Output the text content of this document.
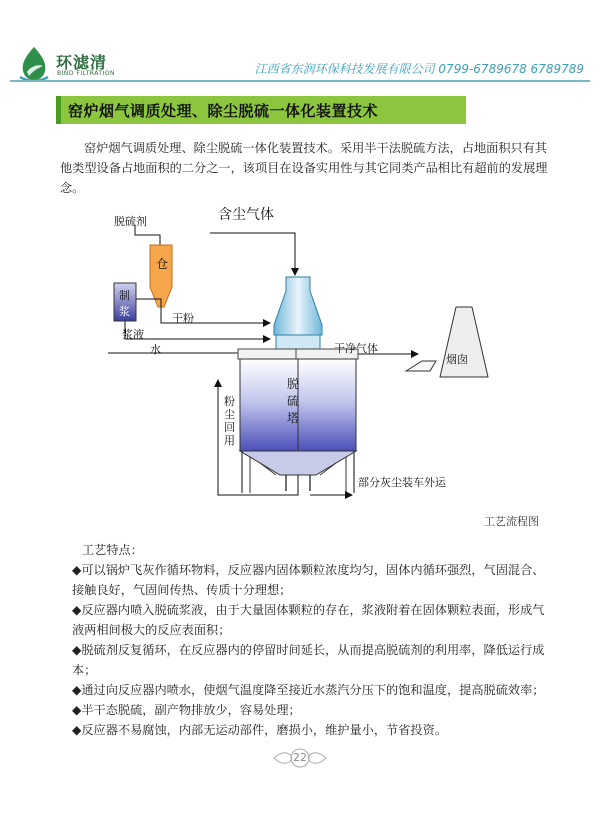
环滤清
BIND FILTRATION	江西省东润环保科技发展有限公司 0799-6789678 6789789
窑炉烟气调质处理、除尘脱硫一体化装置技术

窑炉烟气调质处理、除尘脱硫一体化装置技术。采用半干法脱硫方法，占地面积只有其他类型设备占地面积的二分之一，该项目在设备实用性与其它同类产品相比有超前的发展理念。

含尘气体
脱硫剂
仓
制
浆
干粉
浆液
水	干净气体
烟囱
脱
硫
塔
粉尘回用
部分灰尘装车外运
工艺流程图
工艺特点：
◆可以锅炉飞灰作循环物料，反应器内固体颗粒浓度均匀，固体内循环强烈，气固混合、接触良好，气固间传热、传质十分理想；
◆反应器内喷入脱硫浆液，由于大量固体颗粒的存在，浆液附着在固体颗粒表面，形成气液两相间极大的反应表面积；
◆脱硫剂反复循环，在反应器内的停留时间延长，从而提高脱硫剂的利用率，降低运行成本；
◆通过向反应器内喷水，使烟气温度降至接近水蒸汽分压下的饱和温度，提高脱硫效率；
◆半干态脱硫，副产物排放少，容易处理；
◆反应器不易腐蚀，内部无运动部件，磨损小，维护量小，节省投资。
22
